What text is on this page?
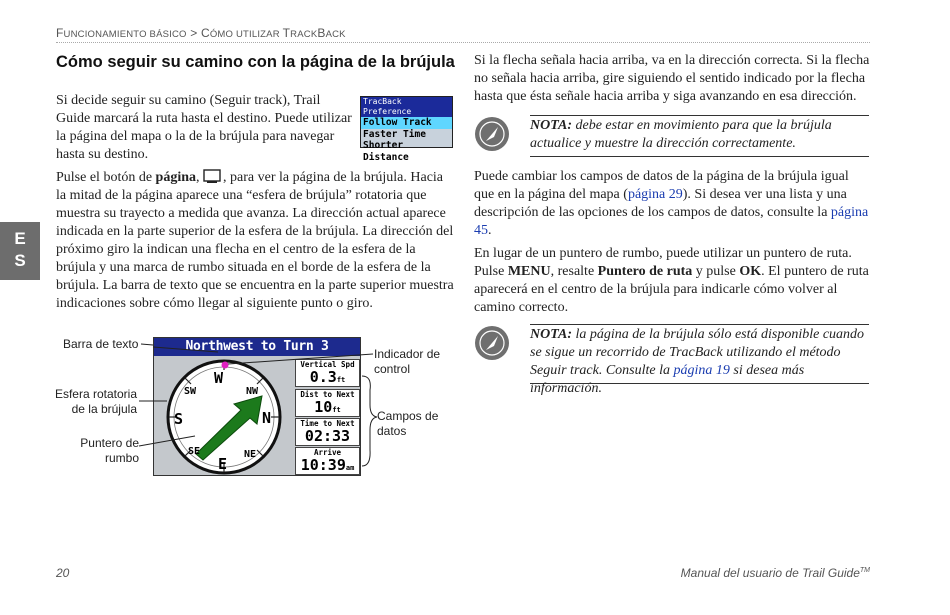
FUNCIONAMIENTO BÁSICO > CÓMO UTILIZAR TRACKBACK
E
S
Cómo seguir su camino con la página de la brújula
Si decide seguir su camino (Seguir track), Trail Guide marcará la ruta hasta el destino. Puede utilizar la página del mapa o la de la brújula para navegar hasta su destino.
TracBack Preference
Follow Track
Faster Time
Shorter Distance
Pulse el botón de página, , para ver la página de la brújula. Hacia la mitad de la página aparece una “esfera de brújula” rotatoria que muestra su trayecto a medida que avanza. La dirección actual aparece indicada en la parte superior de la esfera de la brújula. La dirección del próximo giro la indican una flecha en el centro de la esfera de la brújula y una marca de rumbo situada en el borde de la esfera de la brújula. La barra de texto que se encuentra en la parte superior muestra indicaciones sobre cómo llegar al siguiente punto o giro.
Northwest to Turn 3
W
NW
N
NE
E
SW
S
SE
Vertical Spd
0.3ft
Dist to Next
10ft
Time to Next
02:33
Arrive
10:39am
Barra de texto
Esfera rotatoria
de la brújula
Puntero de
rumbo
Indicador de
control
Campos de
datos
Si la flecha señala hacia arriba, va en la dirección correcta. Si la flecha no señala hacia arriba, gire siguiendo el sentido indicado por la flecha hasta que ésta señale hacia arriba y siga avanzando en esa dirección.
NOTA: debe estar en movimiento para que la brújula actualice y muestre la dirección correctamente.
Puede cambiar los campos de datos de la página de la brújula igual que en la página del mapa (página 29). Si desea ver una lista y una descripción de las opciones de los campos de datos, consulte la página 45.
En lugar de un puntero de rumbo, puede utilizar un puntero de ruta. Pulse MENU, resalte Puntero de ruta y pulse OK. El puntero de ruta aparecerá en el centro de la brújula para indicarle cómo volver al camino correcto.
NOTA: la página de la brújula sólo está disponible cuando se sigue un recorrido de TracBack utilizando el método Seguir track. Consulte la página 19 si desea más información.
20	Manual del usuario de Trail Guide™
